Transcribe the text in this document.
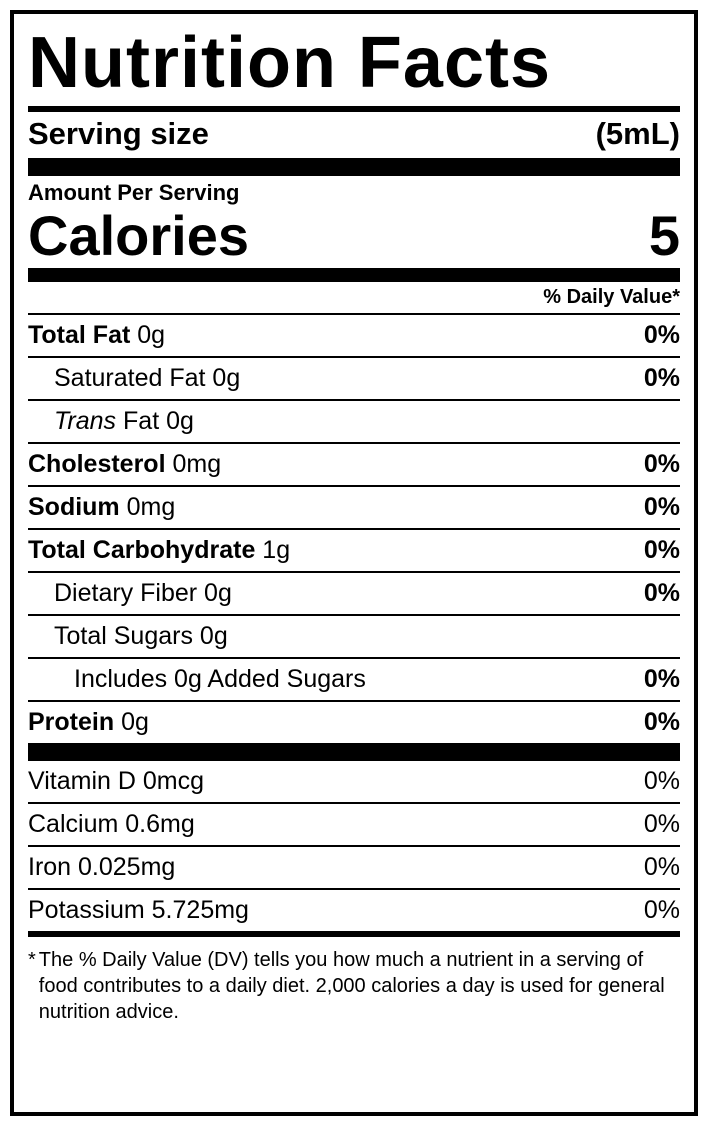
Nutrition Facts
Serving size	(5mL)
Amount Per Serving
Calories	5
% Daily Value*
Total Fat 0g	0%
Saturated Fat 0g	0%
Trans Fat 0g
Cholesterol 0mg	0%
Sodium 0mg	0%
Total Carbohydrate 1g	0%
Dietary Fiber 0g	0%
Total Sugars 0g
Includes 0g Added Sugars	0%
Protein 0g	0%
Vitamin D 0mcg	0%
Calcium 0.6mg	0%
Iron 0.025mg	0%
Potassium 5.725mg	0%
* The % Daily Value (DV) tells you how much a nutrient in a serving of food contributes to a daily diet. 2,000 calories a day is used for general nutrition advice.
